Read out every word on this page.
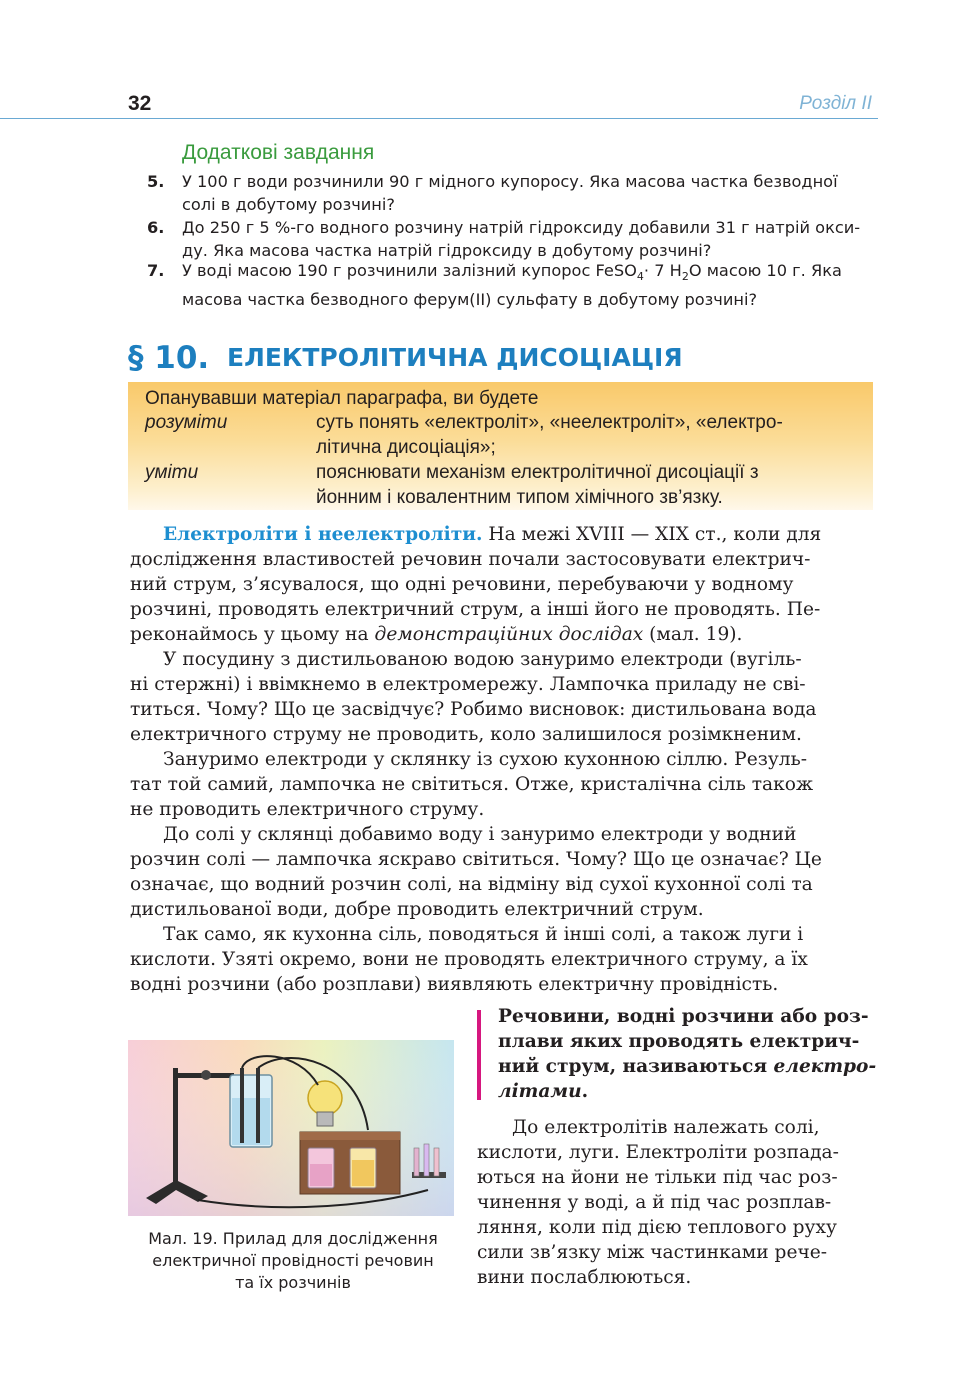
32	Розділ ІІ
Додаткові завдання
5. У 100 г води розчинили 90 г мідного купоросу. Яка масова частка безводної
солі в добутому розчині?
6. До 250 г 5 %-го водного розчину натрій гідроксиду добавили 31 г натрій окси-
ду. Яка масова частка натрій гідроксиду в добутому розчині?
7. У воді масою 190 г розчинили залізний купорос FeSO$_4$· 7 $H_2O$ масою 10 г. Яка
масова частка безводного ферум(ІІ) сульфату в добутому розчині?
§ 10. ЕЛЕКТРОЛІТИЧНА ДИСОЦІАЦІЯ
Опанувавши матеріал параграфа, ви будете
розуміти	суть понять «електроліт», «неелектроліт», «електро-
літична дисоціація»;
уміти	пояснювати механізм електролітичної дисоціації з
йонним і ковалентним типом хімічного зв’язку.
Електроліти і неелектроліти. На межі XVIII — XIX ст., коли для
дослідження властивостей речовин почали застосовувати електрич-
ний струм, з’ясувалося, що одні речовини, перебуваючи у водному
розчині, проводять електричний струм, а інші його не проводять. Пе-
реконаймось у цьому на демонстраційних дослідах (мал. 19).
У посудину з дистильованою водою зануримо електроди (вугіль-
ні стержні) і ввімкнемо в електромережу. Лампочка приладу не сві-
титься. Чому? Що це засвідчує? Робимо висновок: дистильована вода
електричного струму не проводить, коло залишилося розімкненим.
Зануримо електроди у склянку із сухою кухонною сіллю. Резуль-
тат той самий, лампочка не світиться. Отже, кристалічна сіль також
не проводить електричного струму.
До солі у склянці добавимо воду і зануримо електроди у водний
розчин солі — лампочка яскраво світиться. Чому? Що це означає? Це
означає, що водний розчин солі, на відміну від сухої кухонної солі та
дистильованої води, добре проводить електричний струм.
Так само, як кухонна сіль, поводяться й інші солі, а також луги і
кислоти. Узяті окремо, вони не проводять електричного струму, а їх
водні розчини (або розплави) виявляють електричну провідність.
Речовини, водні розчини або роз-
плави яких проводять електрич-
ний струм, називаються електро-
літами.
До електролітів належать солі,
кислоти, луги. Електроліти розпада-
ються на йони не тільки під час роз-
чинення у воді, а й під час розплав-
ляння, коли під дією теплового руху
сили зв’язку між частинками рече-
вини послаблюються.
Мал. 19. Прилад для дослідження
електричної провідності речовин
та їх розчинів
